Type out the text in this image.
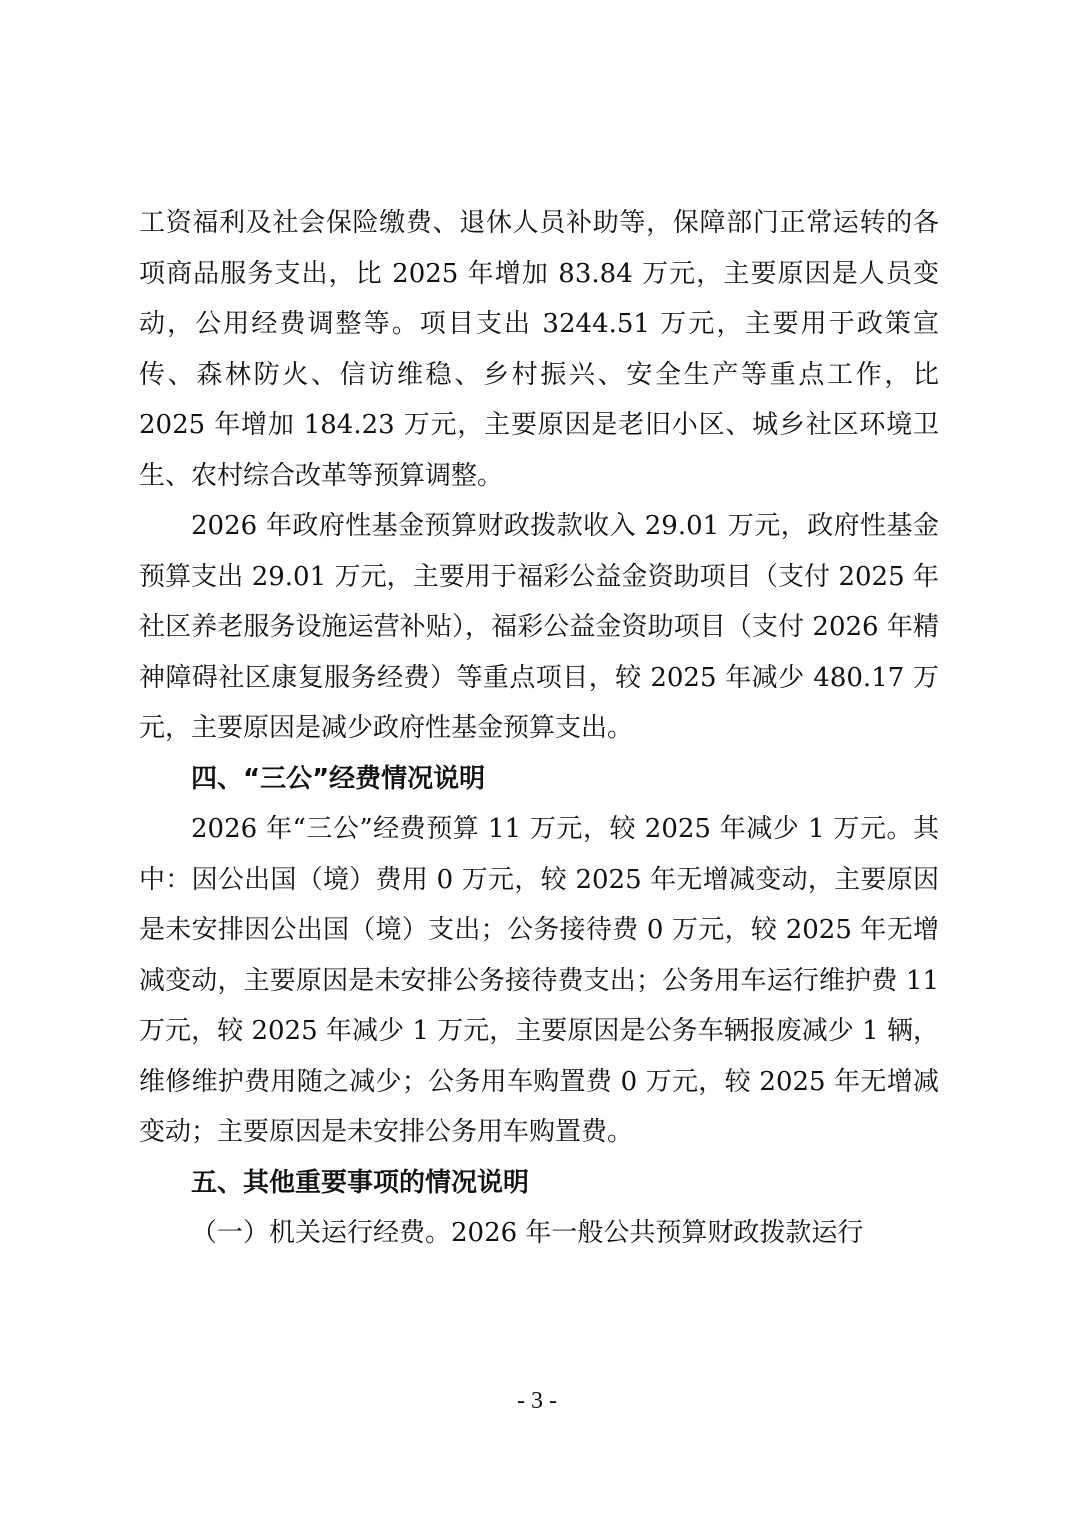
工资福利及社会保险缴费、退休人员补助等，保障部门正常运转的各项商品服务支出，比 2025 年增加 83.84 万元，主要原因是人员变动，公用经费调整等。项目支出 3244.51 万元，主要用于政策宣传、森林防火、信访维稳、乡村振兴、安全生产等重点工作，比 2025 年增加 184.23 万元，主要原因是老旧小区、城乡社区环境卫生、农村综合改革等预算调整。

2026 年政府性基金预算财政拨款收入 29.01 万元，政府性基金预算支出 29.01 万元，主要用于福彩公益金资助项目（支付 2025 年社区养老服务设施运营补贴），福彩公益金资助项目（支付 2026 年精神障碍社区康复服务经费）等重点项目，较 2025 年减少 480.17 万元，主要原因是减少政府性基金预算支出。

四、“三公”经费情况说明

2026 年“三公”经费预算 11 万元，较 2025 年减少 1 万元。其中：因公出国（境）费用 0 万元，较 2025 年无增减变动，主要原因是未安排因公出国（境）支出；公务接待费 0 万元，较 2025 年无增减变动，主要原因是未安排公务接待费支出；公务用车运行维护费 11 万元，较 2025 年减少 1 万元，主要原因是公务车辆报废减少 1 辆，维修维护费用随之减少；公务用车购置费 0 万元，较 2025 年无增减变动；主要原因是未安排公务用车购置费。

五、其他重要事项的情况说明

（一）机关运行经费。2026 年一般公共预算财政拨款运行

- 3 -
